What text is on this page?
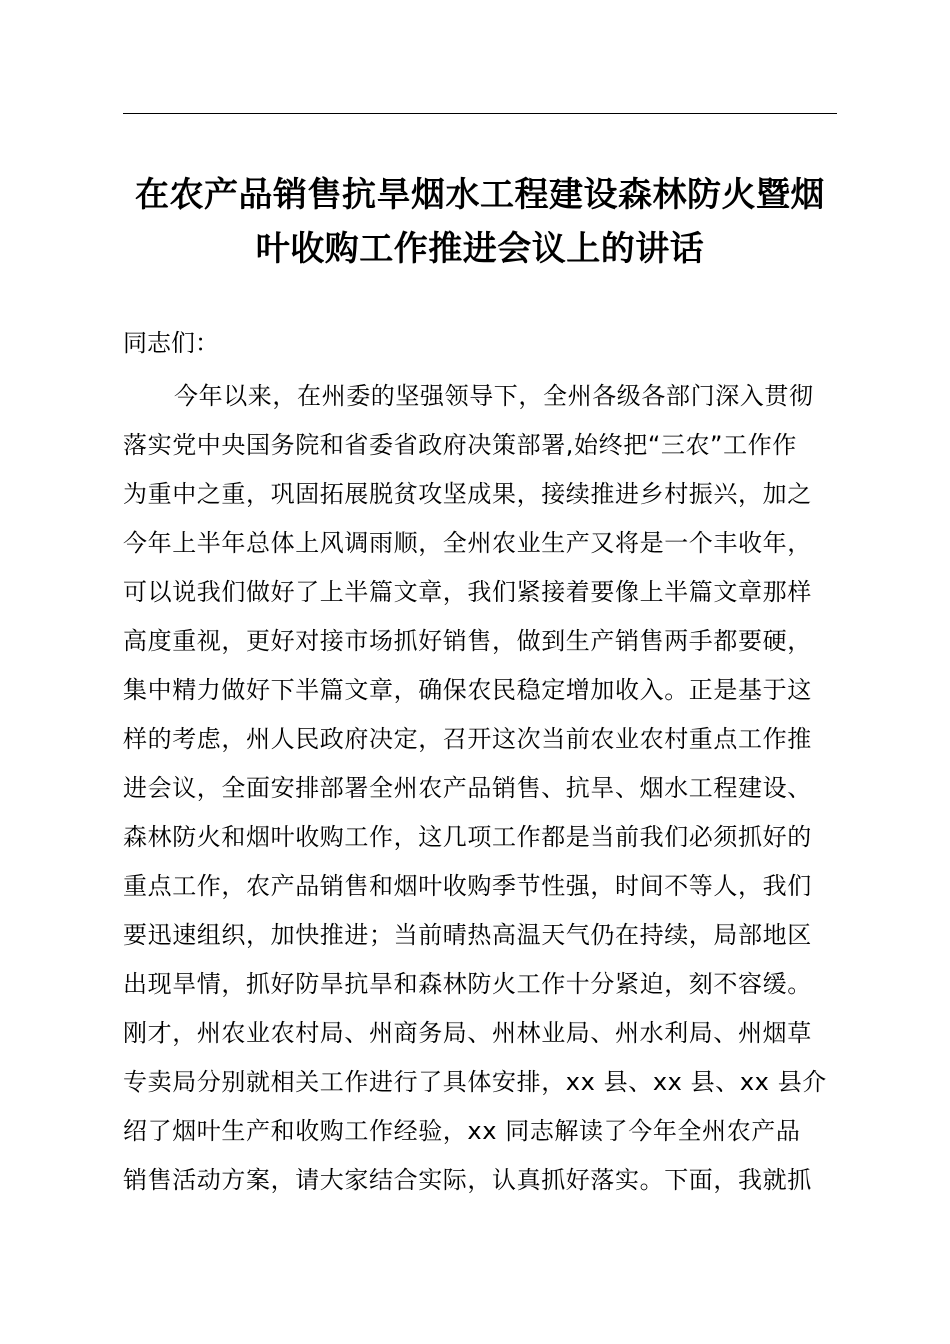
在农产品销售抗旱烟水工程建设森林防火暨烟
叶收购工作推进会议上的讲话
同志们：
今年以来，在州委的坚强领导下，全州各级各部门深入贯彻
落实党中央国务院和省委省政府决策部署,始终把“三农”工作作
为重中之重，巩固拓展脱贫攻坚成果，接续推进乡村振兴，加之
今年上半年总体上风调雨顺，全州农业生产又将是一个丰收年，
可以说我们做好了上半篇文章，我们紧接着要像上半篇文章那样
高度重视，更好对接市场抓好销售，做到生产销售两手都要硬，
集中精力做好下半篇文章，确保农民稳定增加收入。正是基于这
样的考虑，州人民政府决定，召开这次当前农业农村重点工作推
进会议，全面安排部署全州农产品销售、抗旱、烟水工程建设、
森林防火和烟叶收购工作，这几项工作都是当前我们必须抓好的
重点工作，农产品销售和烟叶收购季节性强，时间不等人，我们
要迅速组织，加快推进；当前晴热高温天气仍在持续，局部地区
出现旱情，抓好防旱抗旱和森林防火工作十分紧迫，刻不容缓。
刚才，州农业农村局、州商务局、州林业局、州水利局、州烟草
专卖局分别就相关工作进行了具体安排，xx 县、xx 县、xx 县介
绍了烟叶生产和收购工作经验，xx 同志解读了今年全州农产品
销售活动方案，请大家结合实际，认真抓好落实。下面，我就抓
